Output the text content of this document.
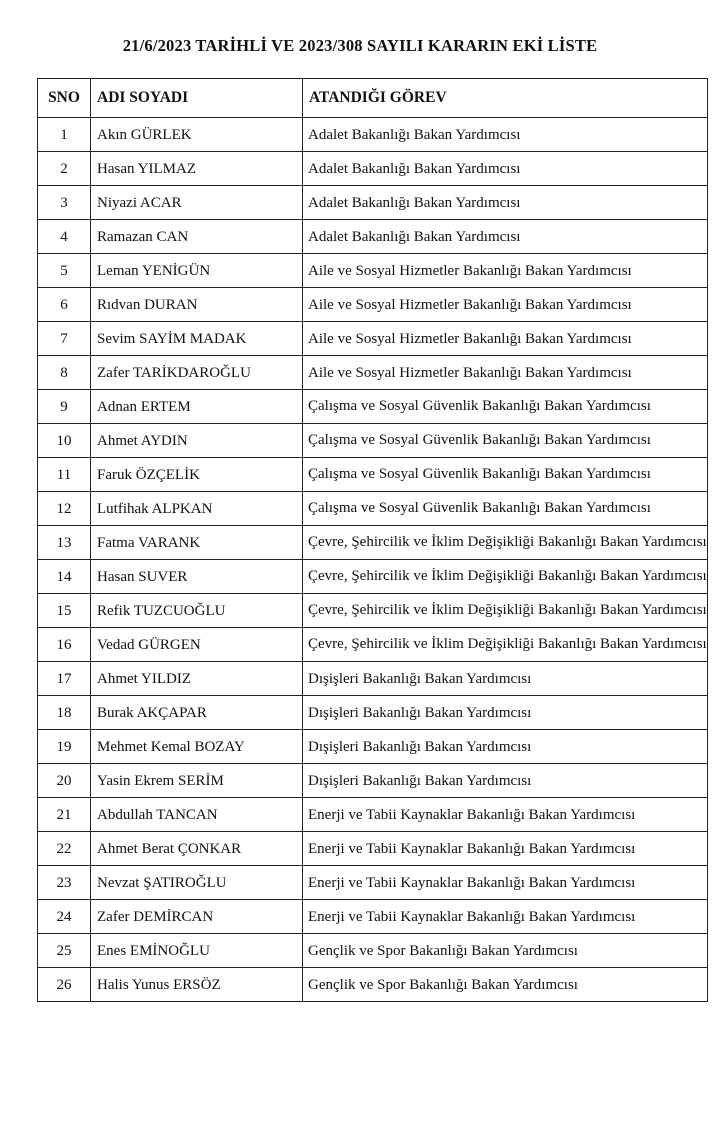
21/6/2023 TARİHLİ VE 2023/308 SAYILI KARARIN EKİ LİSTE
SNO	ADI SOYADI	ATANDIĞI GÖREV
1	Akın GÜRLEK	Adalet Bakanlığı Bakan Yardımcısı
2	Hasan YILMAZ	Adalet Bakanlığı Bakan Yardımcısı
3	Niyazi ACAR	Adalet Bakanlığı Bakan Yardımcısı
4	Ramazan CAN	Adalet Bakanlığı Bakan Yardımcısı
5	Leman YENİGÜN	Aile ve Sosyal Hizmetler Bakanlığı Bakan Yardımcısı
6	Rıdvan DURAN	Aile ve Sosyal Hizmetler Bakanlığı Bakan Yardımcısı
7	Sevim SAYİM MADAK	Aile ve Sosyal Hizmetler Bakanlığı Bakan Yardımcısı
8	Zafer TARİKDAROĞLU	Aile ve Sosyal Hizmetler Bakanlığı Bakan Yardımcısı
9	Adnan ERTEM	Çalışma ve Sosyal Güvenlik Bakanlığı Bakan Yardımcısı
10	Ahmet AYDIN	Çalışma ve Sosyal Güvenlik Bakanlığı Bakan Yardımcısı
11	Faruk ÖZÇELİK	Çalışma ve Sosyal Güvenlik Bakanlığı Bakan Yardımcısı
12	Lutfihak ALPKAN	Çalışma ve Sosyal Güvenlik Bakanlığı Bakan Yardımcısı
13	Fatma VARANK	Çevre, Şehircilik ve İklim Değişikliği Bakanlığı Bakan Yardımcısı
14	Hasan SUVER	Çevre, Şehircilik ve İklim Değişikliği Bakanlığı Bakan Yardımcısı
15	Refik TUZCUOĞLU	Çevre, Şehircilik ve İklim Değişikliği Bakanlığı Bakan Yardımcısı
16	Vedad GÜRGEN	Çevre, Şehircilik ve İklim Değişikliği Bakanlığı Bakan Yardımcısı
17	Ahmet YILDIZ	Dışişleri Bakanlığı Bakan Yardımcısı
18	Burak AKÇAPAR	Dışişleri Bakanlığı Bakan Yardımcısı
19	Mehmet Kemal BOZAY	Dışişleri Bakanlığı Bakan Yardımcısı
20	Yasin Ekrem SERİM	Dışişleri Bakanlığı Bakan Yardımcısı
21	Abdullah TANCAN	Enerji ve Tabii Kaynaklar Bakanlığı Bakan Yardımcısı
22	Ahmet Berat ÇONKAR	Enerji ve Tabii Kaynaklar Bakanlığı Bakan Yardımcısı
23	Nevzat ŞATIROĞLU	Enerji ve Tabii Kaynaklar Bakanlığı Bakan Yardımcısı
24	Zafer DEMİRCAN	Enerji ve Tabii Kaynaklar Bakanlığı Bakan Yardımcısı
25	Enes EMİNOĞLU	Gençlik ve Spor Bakanlığı Bakan Yardımcısı
26	Halis Yunus ERSÖZ	Gençlik ve Spor Bakanlığı Bakan Yardımcısı
